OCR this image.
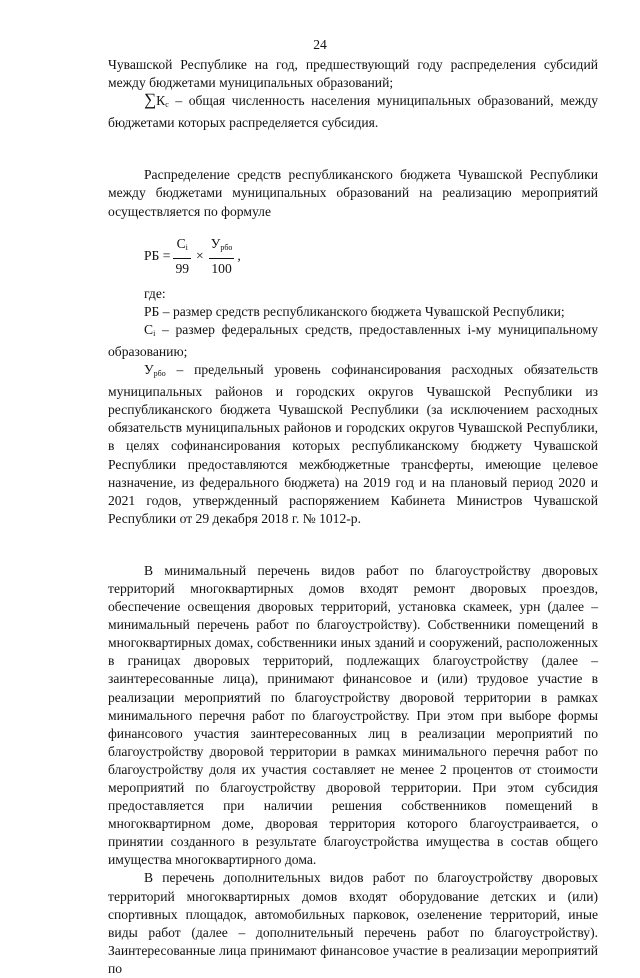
24

Чувашской Республике на год, предшествующий году распределения субсидий между бюджетами муниципальных образований;

$\sum К_c$ – общая численность населения муниципальных образований, между бюджетами которых распределяется субсидия.

Распределение средств республиканского бюджета Чувашской Республики между бюджетами муниципальных образований на реализацию мероприятий осуществляется по формуле

РБ = $\frac{С_i}{99} \times \frac{У_{рбо}}{100}$ ,

где:

РБ – размер средств республиканского бюджета Чувашской Республики;

$С_i$ – размер федеральных средств, предоставленных i-му муниципальному образованию;

$У_{рбо}$ – предельный уровень софинансирования расходных обязательств муниципальных районов и городских округов Чувашской Республики из республиканского бюджета Чувашской Республики (за исключением расходных обязательств муниципальных районов и городских округов Чувашской Республики, в целях софинансирования которых республиканскому бюджету Чувашской Республики предоставляются межбюджетные трансферты, имеющие целевое назначение, из федерального бюджета) на 2019 год и на плановый период 2020 и 2021 годов, утвержденный распоряжением Кабинета Министров Чувашской Республики от 29 декабря 2018 г. № 1012-р.

В минимальный перечень видов работ по благоустройству дворовых территорий многоквартирных домов входят ремонт дворовых проездов, обеспечение освещения дворовых территорий, установка скамеек, урн (далее – минимальный перечень работ по благоустройству). Собственники помещений в многоквартирных домах, собственники иных зданий и сооружений, расположенных в границах дворовых территорий, подлежащих благоустройству (далее – заинтересованные лица), принимают финансовое и (или) трудовое участие в реализации мероприятий по благоустройству дворовой территории в рамках минимального перечня работ по благоустройству. При этом при выборе формы финансового участия заинтересованных лиц в реализации мероприятий по благоустройству дворовой территории в рамках минимального перечня работ по благоустройству доля их участия составляет не менее 2 процентов от стоимости мероприятий по благоустройству дворовой территории. При этом субсидия предоставляется при наличии решения собственников помещений в многоквартирном доме, дворовая территория которого благоустраивается, о принятии созданного в результате благоустройства имущества в состав общего имущества многоквартирного дома.

В перечень дополнительных видов работ по благоустройству дворовых территорий многоквартирных домов входят оборудование детских и (или) спортивных площадок, автомобильных парковок, озеленение территорий, иные виды работ (далее – дополнительный перечень работ по благоустройству). Заинтересованные лица принимают финансовое участие в реализации мероприятий по
